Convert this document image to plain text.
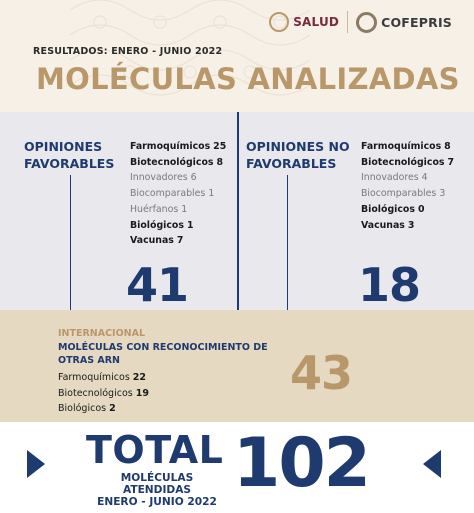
SALUD	COFEPRIS
RESULTADOS: ENERO - JUNIO 2022
MOLÉCULAS ANALIZADAS
OPINIONES
FAVORABLES
Farmoquímicos 25
Biotecnológicos 8
Innovadores 6
Biocomparables 1
Huérfanos 1
Biológicos 1
Vacunas 7
41
OPINIONES NO
FAVORABLES
Farmoquímicos 8
Biotecnológicos 7
Innovadores 4
Biocomparables 3
Biológicos 0
Vacunas 3
18
INTERNACIONAL
MOLÉCULAS CON RECONOCIMIENTO DE OTRAS ARN
Farmoquímicos 22
Biotecnológicos 19
Biológicos 2
43
TOTAL
MOLÉCULAS ATENDIDAS
ENERO - JUNIO 2022 102
